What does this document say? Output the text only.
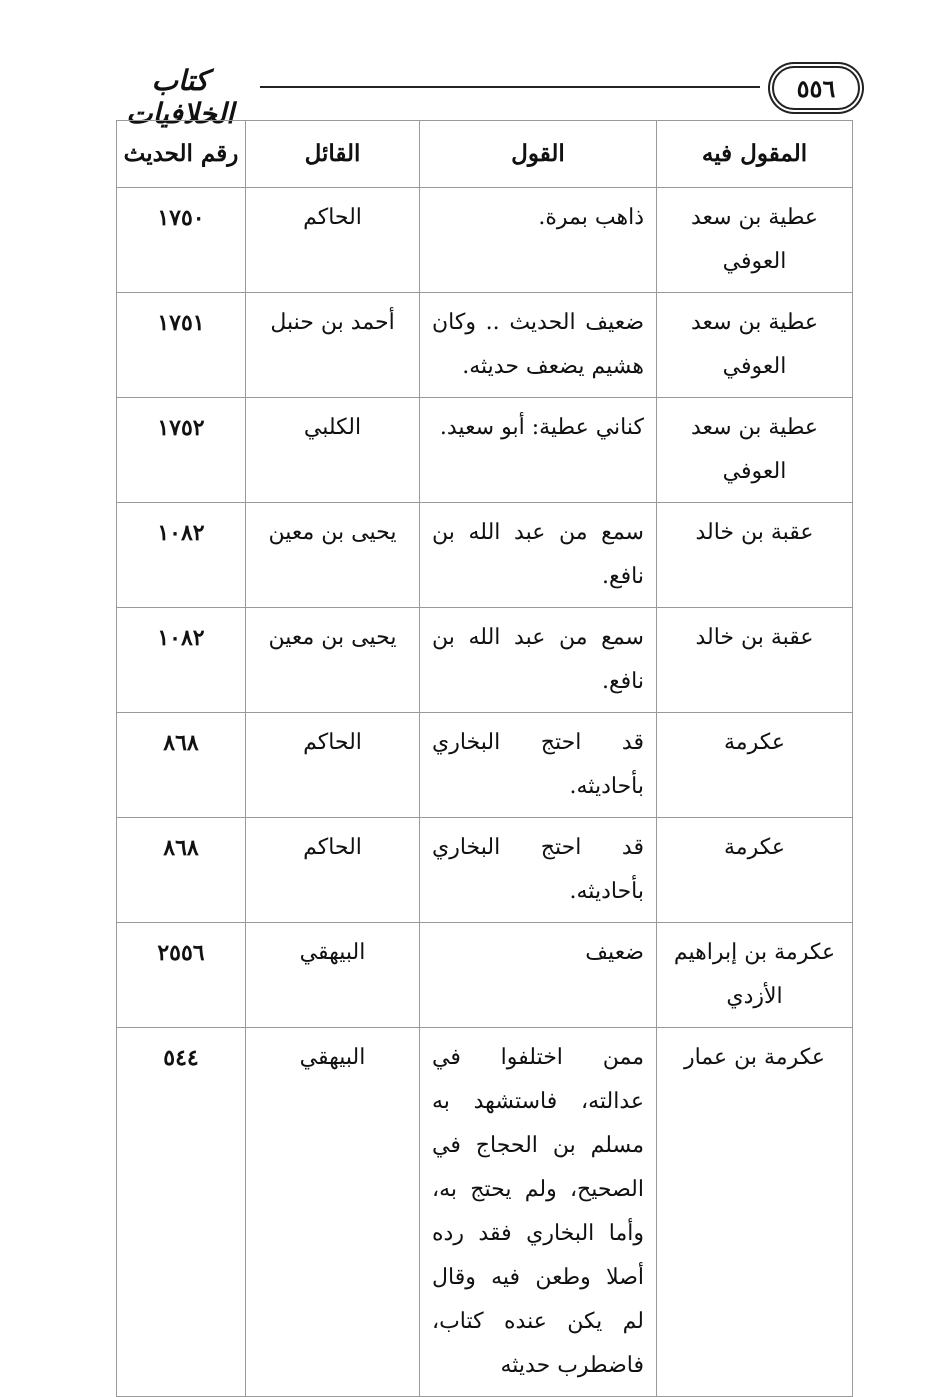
٥٥٦
كتاب الخلافيات
المقول فيه	القول	القائل	رقم الحديث
عطية بن سعد العوفي	ذاهب بمرة.	الحاكم	١٧٥٠
عطية بن سعد العوفي	ضعيف الحديث .. وكان هشيم يضعف حديثه.	أحمد بن حنبل	١٧٥١
عطية بن سعد العوفي	كناني عطية: أبو سعيد.	الكلبي	١٧٥٢
عقبة بن خالد	سمع من عبد الله بن نافع.	يحيى بن معين	١٠٨٢
عقبة بن خالد	سمع من عبد الله بن نافع.	يحيى بن معين	١٠٨٢
عكرمة	قد احتج البخاري بأحاديثه.	الحاكم	٨٦٨
عكرمة	قد احتج البخاري بأحاديثه.	الحاكم	٨٦٨
عكرمة بن إبراهيم الأزدي	ضعيف	البيهقي	٢٥٥٦
عكرمة بن عمار	ممن اختلفوا في عدالته، فاستشهد به مسلم بن الحجاج في الصحيح، ولم يحتج به، وأما البخاري فقد رده أصلا وطعن فيه وقال لم يكن عنده كتاب، فاضطرب حديثه	البيهقي	٥٤٤
